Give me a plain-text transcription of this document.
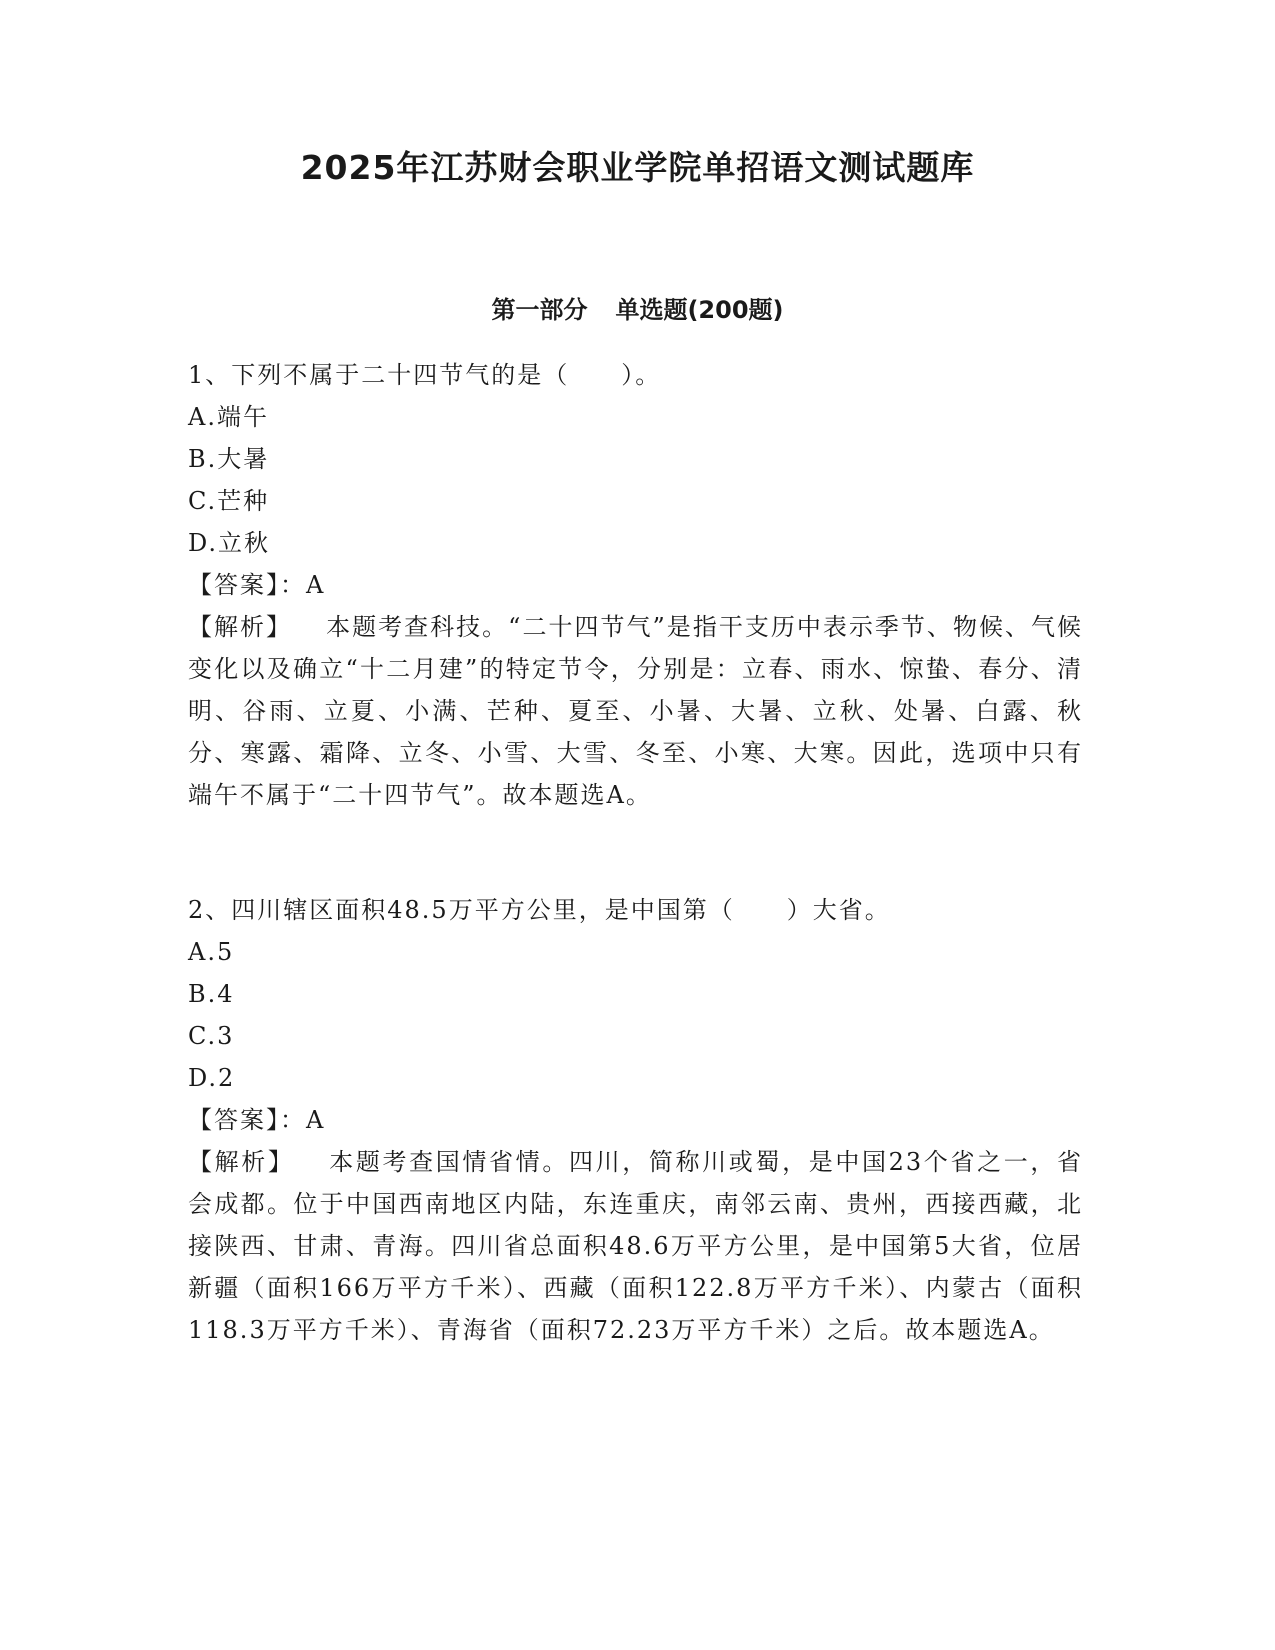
2025年江苏财会职业学院单招语文测试题库
第一部分 单选题(200题)

1、下列不属于二十四节气的是（　　）。

A.端午

B.大暑

C.芒种

D.立秋

【答案】：A

【解析】 本题考查科技。“二十四节气”是指干支历中表示季节、物候、气候变化以及确立“十二月建”的特定节令，分别是：立春、雨水、惊蛰、春分、清明、谷雨、立夏、小满、芒种、夏至、小暑、大暑、立秋、处暑、白露、秋分、寒露、霜降、立冬、小雪、大雪、冬至、小寒、大寒。因此，选项中只有端午不属于“二十四节气”。故本题选A。

2、四川辖区面积48.5万平方公里，是中国第（　　）大省。

A.5

B.4

C.3

D.2

【答案】：A

【解析】 本题考查国情省情。四川，简称川或蜀，是中国23个省之一，省会成都。位于中国西南地区内陆，东连重庆，南邻云南、贵州，西接西藏，北接陕西、甘肃、青海。四川省总面积48.6万平方公里，是中国第5大省，位居新疆（面积166万平方千米）、西藏（面积122.8万平方千米）、内蒙古（面积118.3万平方千米）、青海省（面积72.23万平方千米）之后。故本题选A。
